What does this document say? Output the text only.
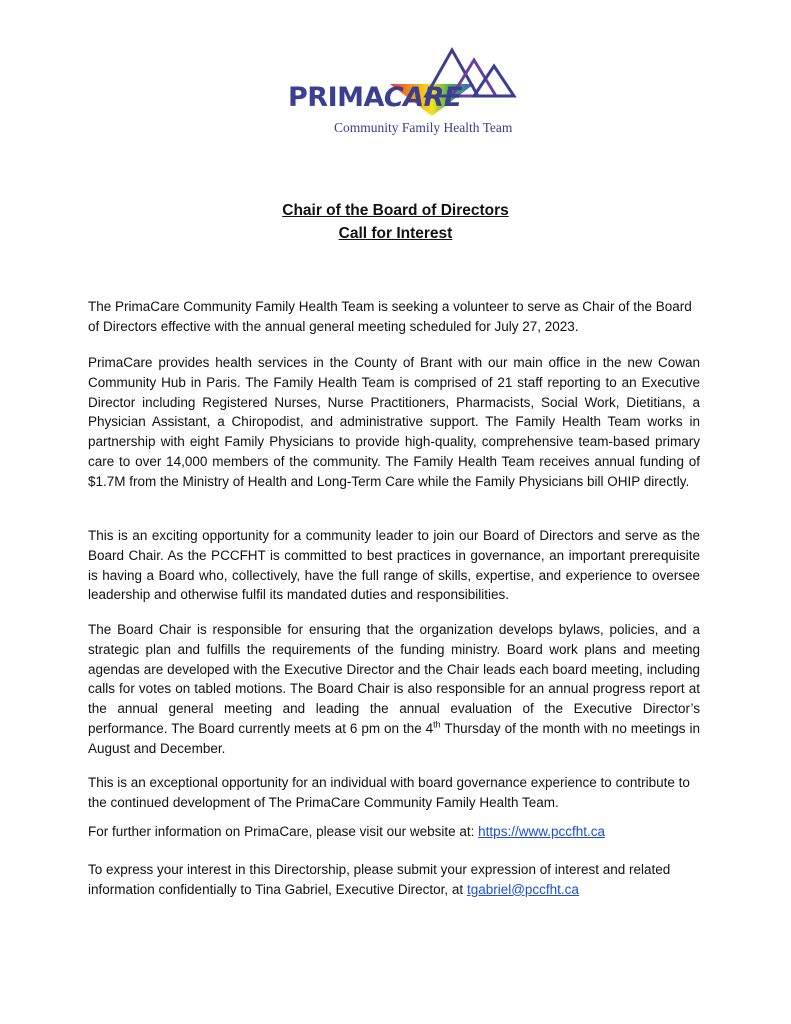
PRIMACARE
Community Family Health Team
Chair of the Board of Directors
Call for Interest

The PrimaCare Community Family Health Team is seeking a volunteer to serve as Chair of the Board of Directors effective with the annual general meeting scheduled for July 27, 2023.

PrimaCare provides health services in the County of Brant with our main office in the new Cowan Community Hub in Paris. The Family Health Team is comprised of 21 staff reporting to an Executive Director including Registered Nurses, Nurse Practitioners, Pharmacists, Social Work, Dietitians, a Physician Assistant, a Chiropodist, and administrative support. The Family Health Team works in partnership with eight Family Physicians to provide high-quality, comprehensive team-based primary care to over 14,000 members of the community. The Family Health Team receives annual funding of $1.7M from the Ministry of Health and Long-Term Care while the Family Physicians bill OHIP directly.

This is an exciting opportunity for a community leader to join our Board of Directors and serve as the Board Chair. As the PCCFHT is committed to best practices in governance, an important prerequisite is having a Board who, collectively, have the full range of skills, expertise, and experience to oversee leadership and otherwise fulfil its mandated duties and responsibilities.

The Board Chair is responsible for ensuring that the organization develops bylaws, policies, and a strategic plan and fulfills the requirements of the funding ministry. Board work plans and meeting agendas are developed with the Executive Director and the Chair leads each board meeting, including calls for votes on tabled motions. The Board Chair is also responsible for an annual progress report at the annual general meeting and leading the annual evaluation of the Executive Director’s performance. The Board currently meets at 6 pm on the 4th Thursday of the month with no meetings in August and December.

This is an exceptional opportunity for an individual with board governance experience to contribute to the continued development of The PrimaCare Community Family Health Team.

For further information on PrimaCare, please visit our website at: https://www.pccfht.ca

To express your interest in this Directorship, please submit your expression of interest and related information confidentially to Tina Gabriel, Executive Director, at tgabriel@pccfht.ca
